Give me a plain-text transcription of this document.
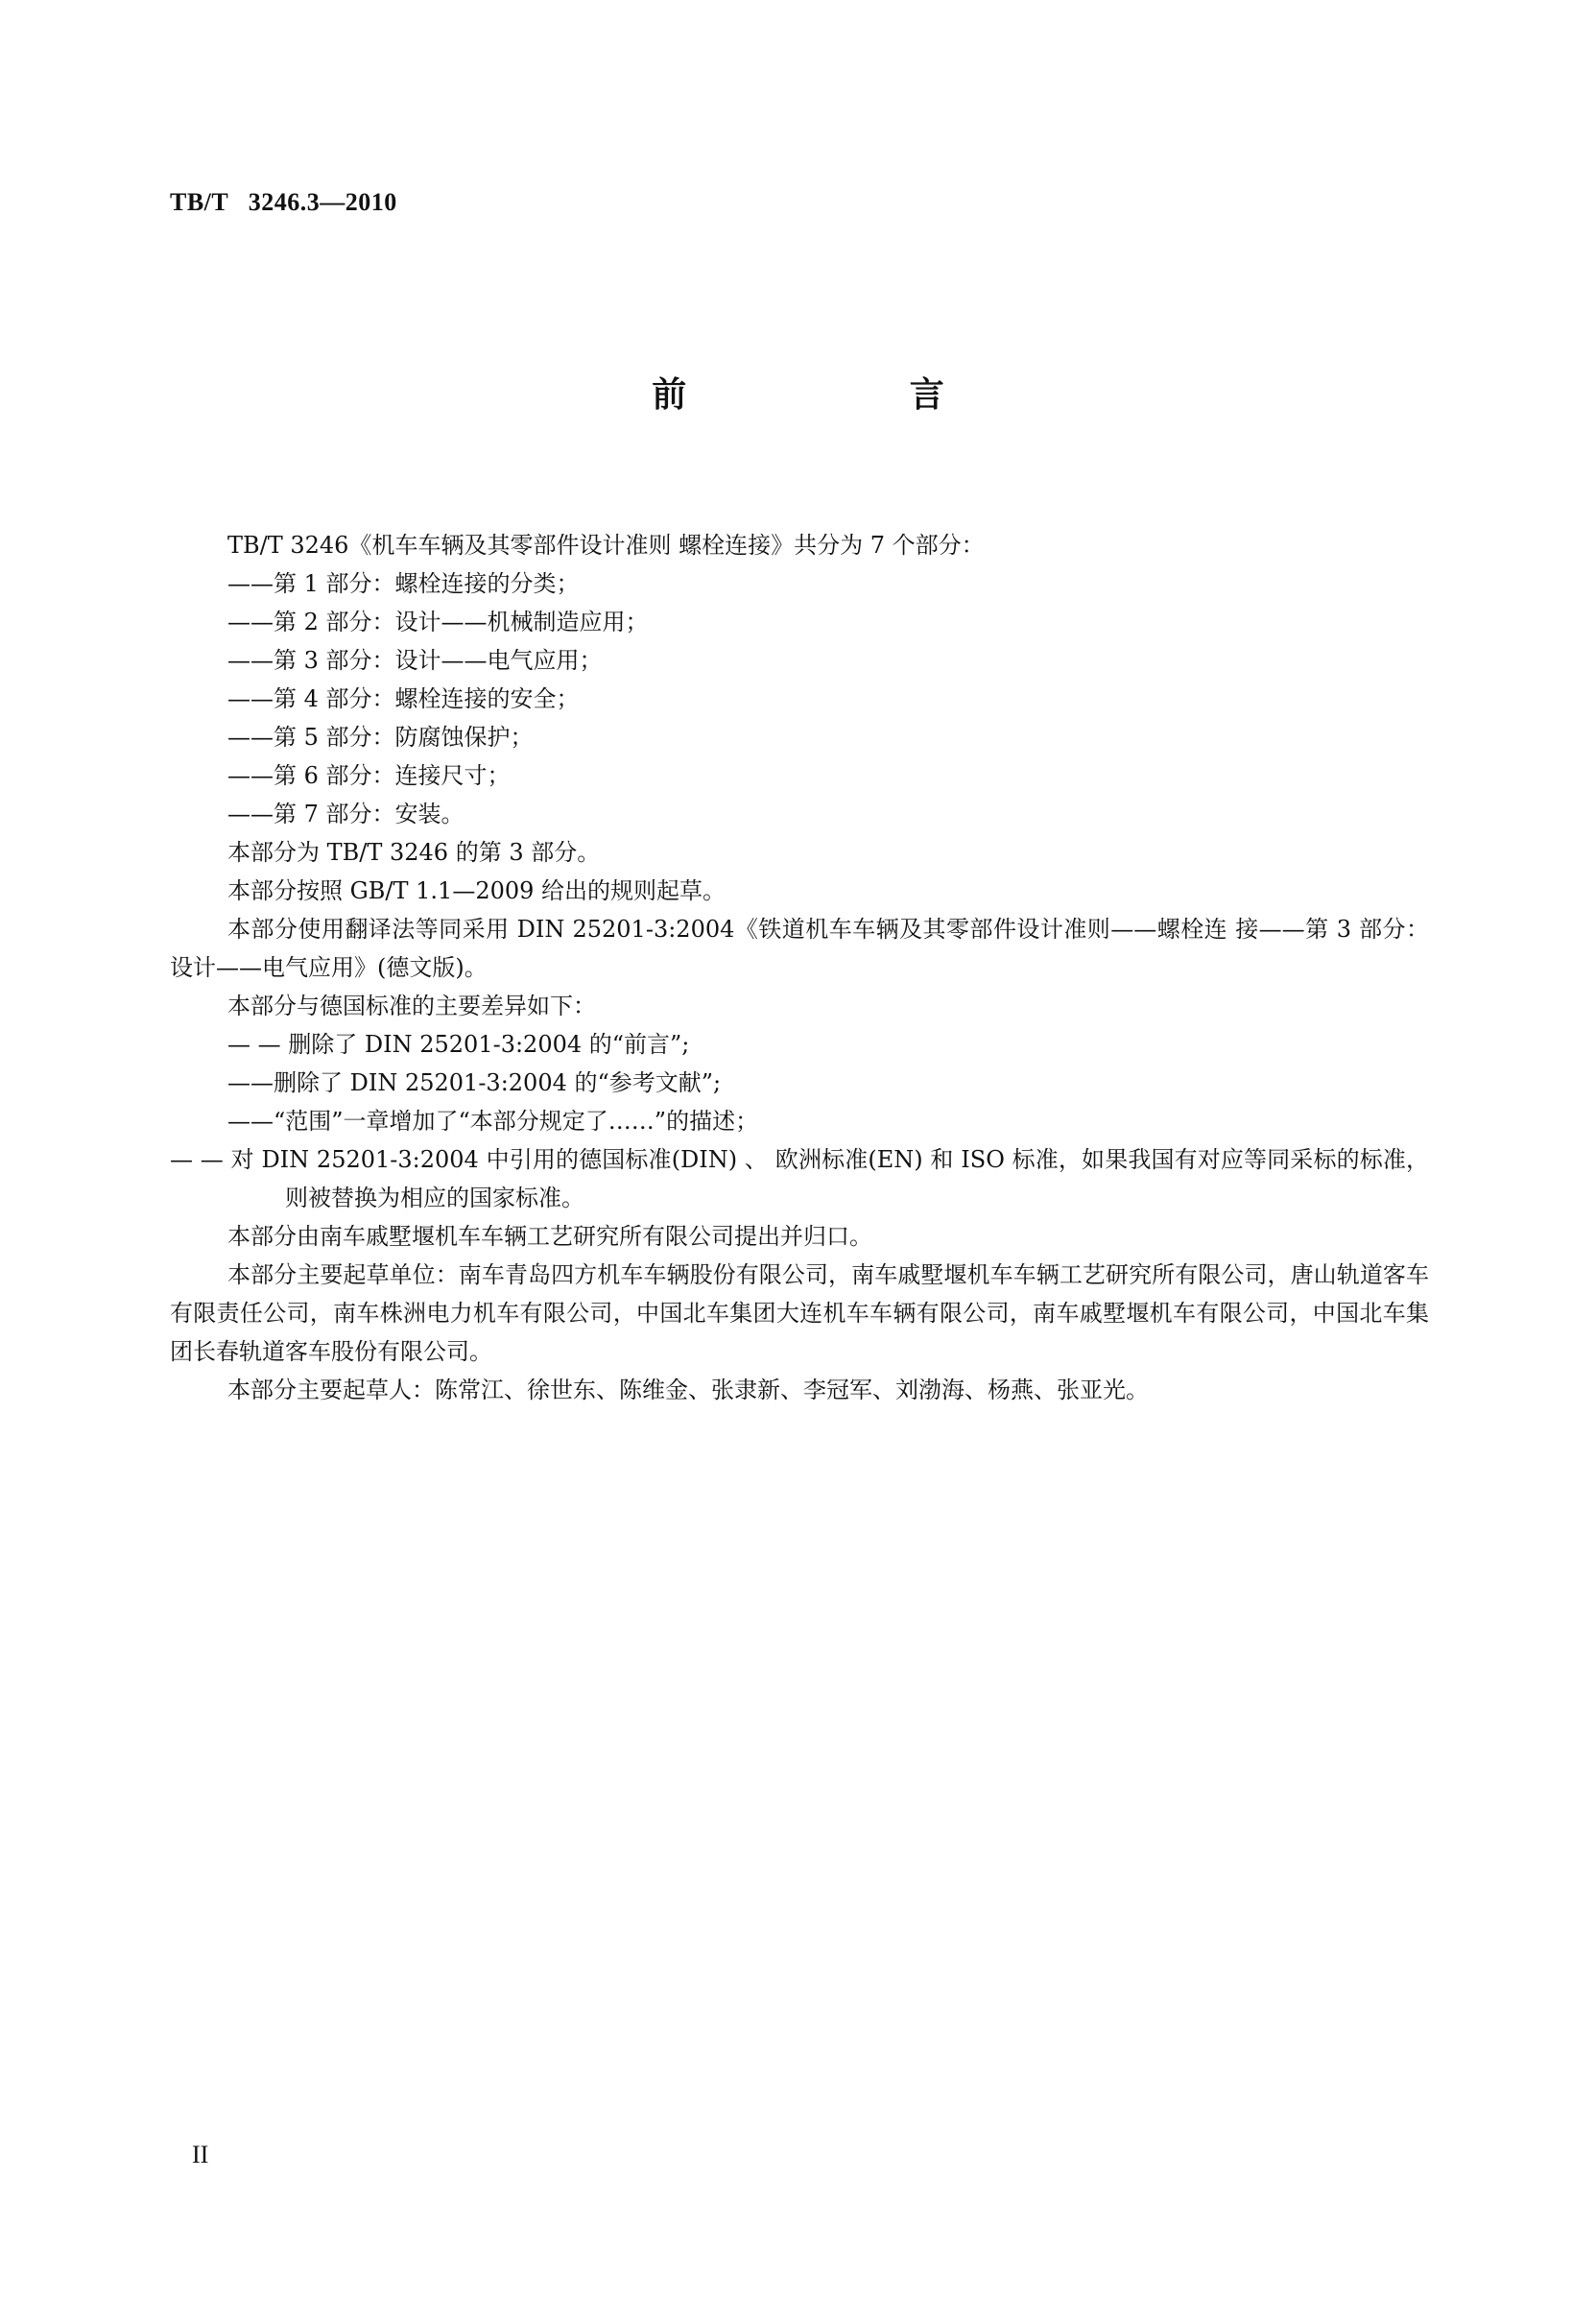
TB/T   3246.3—2010
前 言

TB/T 3246《机车车辆及其零部件设计准则 螺栓连接》共分为 7 个部分：

——第 1 部分：螺栓连接的分类；

——第 2 部分：设计——机械制造应用；

——第 3 部分：设计——电气应用；

——第 4 部分：螺栓连接的安全；

——第 5 部分：防腐蚀保护；

——第 6 部分：连接尺寸；

——第 7 部分：安装。

本部分为 TB/T 3246 的第 3 部分。

本部分按照 GB/T 1.1—2009 给出的规则起草。

本部分使用翻译法等同采用 DIN 25201-3:2004《铁道机车车辆及其零部件设计准则——螺栓连 接——第 3 部分：设计——电气应用》(德文版)。

本部分与德国标准的主要差异如下：

— — 删除了 DIN 25201-3:2004 的“前言”;

——删除了 DIN 25201-3:2004 的“参考文献”;

——“范围”一章增加了“本部分规定了……”的描述；

— — 对 DIN 25201-3:2004 中引用的德国标准(DIN) 、 欧洲标准(EN) 和 ISO 标准，如果我国有对应等同采标的标准，则被替换为相应的国家标准。

本部分由南车戚墅堰机车车辆工艺研究所有限公司提出并归口。

本部分主要起草单位：南车青岛四方机车车辆股份有限公司，南车戚墅堰机车车辆工艺研究所有限公司，唐山轨道客车有限责任公司，南车株洲电力机车有限公司，中国北车集团大连机车车辆有限公司，南车戚墅堰机车有限公司，中国北车集团长春轨道客车股份有限公司。

本部分主要起草人：陈常江、徐世东、陈维金、张隶新、李冠军、刘渤海、杨燕、张亚光。

II
